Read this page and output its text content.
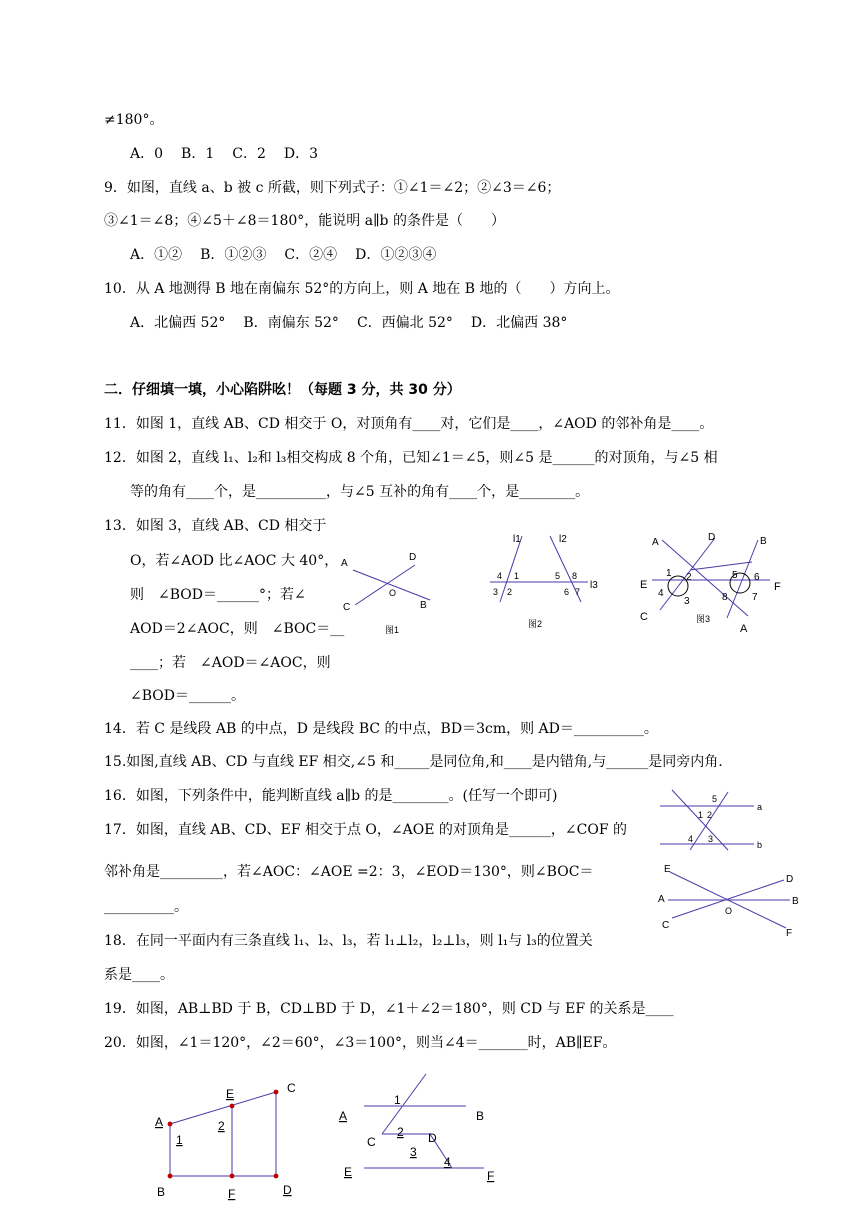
≠180°。
A．0 B．1 C．2 D．3
9．如图，直线 a、b 被 c 所截，则下列式子：①∠1＝∠2；②∠3＝∠6；
③∠1＝∠8；④∠5＋∠8＝180°，能说明 a∥b 的条件是（　　）
A．①② B．①②③ C．②④ D．①②③④
10．从 A 地测得 B 地在南偏东 52°的方向上，则 A 地在 B 地的（　　）方向上。
A．北偏西 52° B．南偏东 52° C．西偏北 52° D．北偏西 38°
二．仔细填一填，小心陷阱吆！（每题 3 分，共 30 分）
11．如图 1，直线 AB、CD 相交于 O，对顶角有____对，它们是____，∠AOD 的邻补角是____。
12．如图 2，直线 l₁、l₂和 l₃相交构成 8 个角，已知∠1＝∠5，则∠5 是______的对顶角，与∠5 相
等的角有____个，是__________，与∠5 互补的角有____个，是________。
13．如图 3，直线 AB、CD 相交于
O，若∠AOD 比∠AOC 大 40°，
则　∠BOD＝______°；若∠
AOD＝2∠AOC，则　∠BOC＝__
____；若　∠AOD＝∠AOC，则
∠BOD＝______。
14．若 C 是线段 AB 的中点，D 是线段 BC 的中点，BD＝3cm，则 AD＝__________。
15.如图,直线 AB、CD 与直线 EF 相交,∠5 和_____是同位角,和____是内错角,与______是同旁内角.
16．如图，下列条件中，能判断直线 a∥b 的是________。(任写一个即可)
17．如图，直线 AB、CD、EF 相交于点 O，∠AOE 的对顶角是______，∠COF 的
邻补角是_________，若∠AOC：∠AOE =2：3，∠EOD＝130°，则∠BOC＝
__________。
18．在同一平面内有三条直线 l₁、l₂、l₃，若 l₁⊥l₂，l₂⊥l₃，则 l₁与 l₃的位置关
系是____。
19．如图，AB⊥BD 于 B，CD⊥BD 于 D，∠1＋∠2＝180°，则 CD 与 EF 的关系是____
20．如图，∠1＝120°，∠2＝60°，∠3＝100°，则当∠4＝_______时，AB∥EF。
A
D
C
O
B
图1
l1	l2
l3
4 1	5 8
3 2	6 7
图2
A	D	B
E	F
C
A
1 2
4
3
5 6
8 7
图3
5
1 2
4 3
a
b
E
D
A	B
O
C
F
E	C
A
1
2
B	F	D
1
A	B
2
C	D
3
4
E	F
